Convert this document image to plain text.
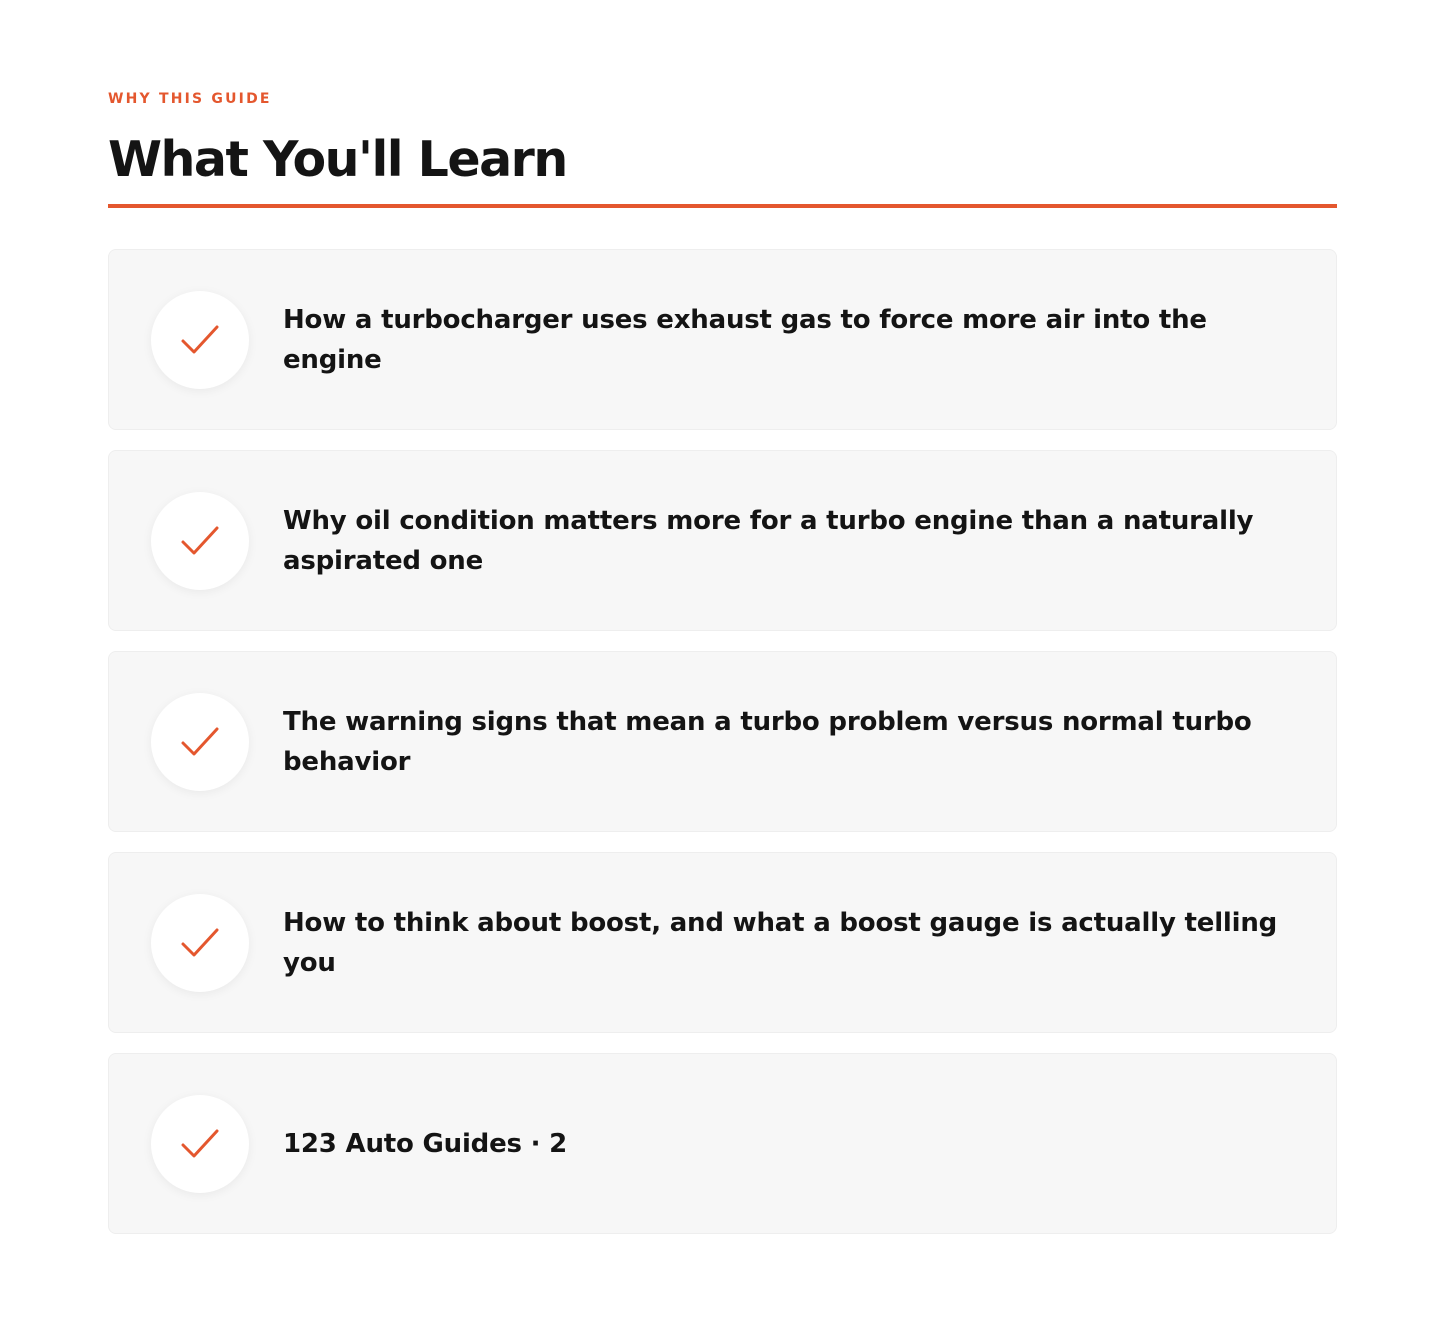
WHY THIS GUIDE

What You'll Learn
How a turbocharger uses exhaust gas to force more air into the engine
Why oil condition matters more for a turbo engine than a naturally aspirated one
The warning signs that mean a turbo problem versus normal turbo behavior
How to think about boost, and what a boost gauge is actually telling you
123 Auto Guides · 2
